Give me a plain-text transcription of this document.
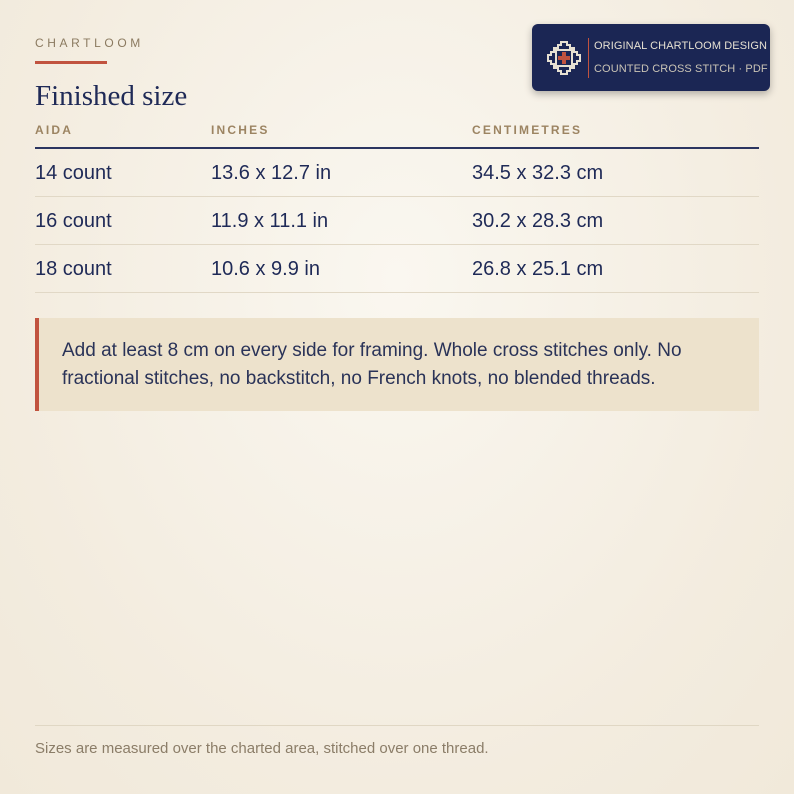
CHARTLOOM
Finished size
ORIGINAL CHARTLOOM DESIGN
COUNTED CROSS STITCH · PDF
AIDA	INCHES	CENTIMETRES
14 count	13.6 x 12.7 in	34.5 x 32.3 cm
16 count	11.9 x 11.1 in	30.2 x 28.3 cm
18 count	10.6 x 9.9 in	26.8 x 25.1 cm
Add at least 8 cm on every side for framing. Whole cross stitches only. No fractional stitches, no backstitch, no French knots, no blended threads.
Sizes are measured over the charted area, stitched over one thread.
